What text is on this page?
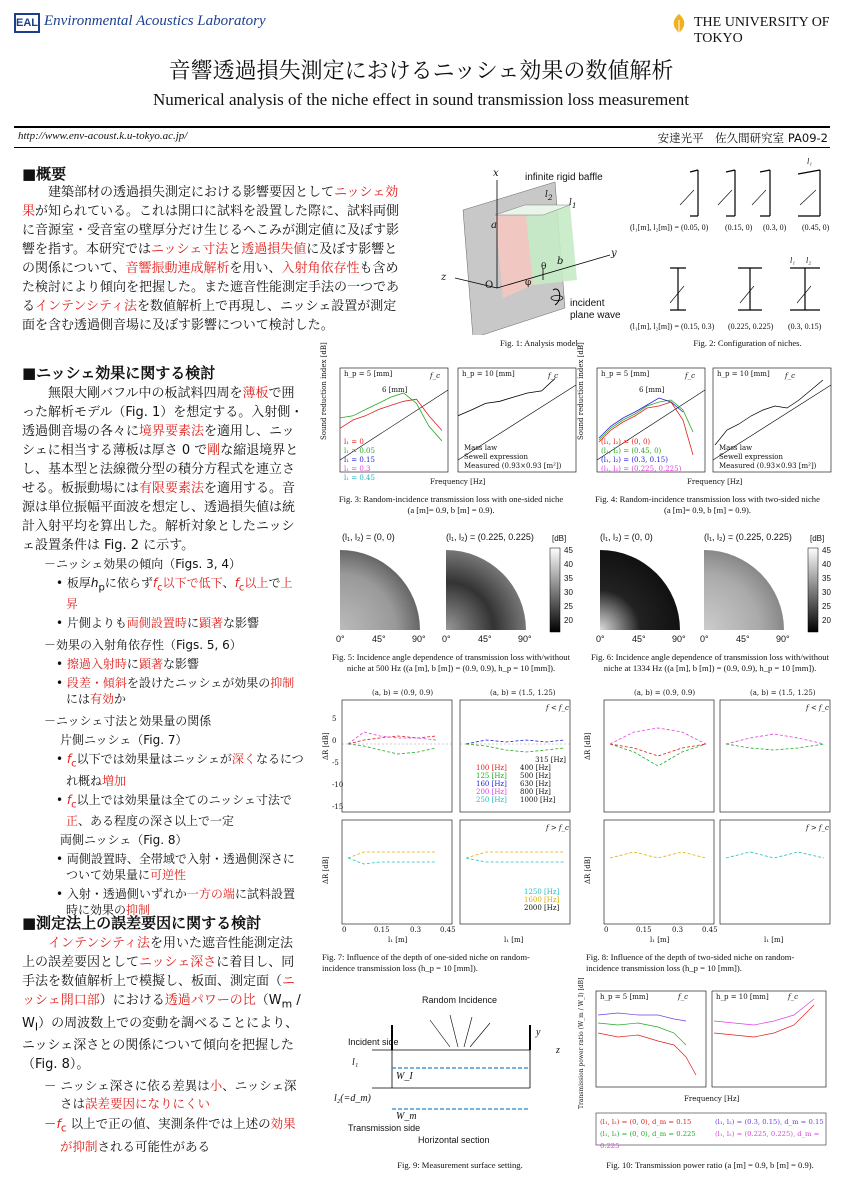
EAL Environmental Acoustics Laboratory	THE UNIVERSITY OF TOKYO
音響透過損失測定におけるニッシェ効果の数値解析
Numerical analysis of the niche effect in sound transmission loss measurement
http://www.env-acoust.k.u-tokyo.ac.jp/	安達光平　佐久間研究室 PA09-2
■概要
建築部材の透過損失測定における影響要因としてニッシェ効果が知られている。これは開口に試料を設置した際に、試料両側に音源室・受音室の壁厚分だけ生じるへこみが測定値に及ぼす影響を指す。本研究ではニッシェ寸法と透過損失値に及ぼす影響との関係について、音響振動連成解析を用い、入射角依存性も含めた検討により傾向を把握した。また遮音性能測定手法の一つであるインテンシティ法を数値解析上で再現し、ニッシェ設置が測定面を含む透過側音場に及ぼす影響について検討した。
x	infinite rigid baffle
$l_2$
$l_1$
a
b
y
z
O
θ
φ
incident
plane wave
Fig. 1: Analysis model.
l₁
(l₁[m], l₂[m]) = (0.05, 0) (0.15, 0) (0.3, 0) (0.45, 0)
l₁ l₂
(l₁[m], l₂[m]) = (0.15, 0.3) (0.225, 0.225) (0.3, 0.15)
Fig. 2: Configuration of niches.
■ニッシェ効果に関する検討
無限大剛バフル中の板試料四周を薄板で囲った解析モデル（Fig. 1）を想定する。入射側・透過側音場の各々に境界要素法を適用し、ニッシェに相当する薄板は厚さ 0 で剛な縮退境界とし、基本型と法線微分型の積分方程式を連立させる。板振動場には有限要素法を適用する。音源は単位振幅平面波を想定し、透過損失値は統計入射平均を算出した。解析対象としたニッシェ設置条件は Fig. 2 に示す。
－ニッシェ効果の傾向（Figs. 3, 4）
• 板厚$h_p$に依らず$f_c$以下で低下、$f_c$以上で上昇
• 片側よりも両側設置時に顕著な影響
－効果の入射角依存性（Figs. 5, 6）
• 擦過入射時に顕著な影響
• 段差・傾斜を設けたニッシェが効果の抑制には有効か
－ニッシェ寸法と効果量の関係
片側ニッシェ（Fig. 7）
• $f_c$以下では効果量はニッシェが深くなるにつれ概ね増加
• $f_c$以上では効果量は全てのニッシェ寸法で正、ある程度の深さ以上で一定
両側ニッシェ（Fig. 8）
• 両側設置時、全帯域で入射・透過側深さについて効果量に可逆性
• 入射・透過側いずれか一方の端に試料設置時に効果の抑制
■測定法上の誤差要因に関する検討
インテンシティ法を用いた遮音性能測定法上の誤差要因としてニッシェ深さに着目し、同手法を数値解析上で模擬し、板面、測定面（ニッシェ開口部）における透過パワーの比$(W_m / W_I)$の周波数上での変動を調べることにより、ニッシェ深さとの関係について傾向を把握した（Fig. 8）。
－ ニッシェ深さに依る差異は小、ニッシェ深さは誤差要因になりにくい
$-f_c$ 以上で正の値、実測条件では上述の効果が抑制される可能性がある
h_p = 5 [mm]	h_p = 10 [mm]
6 [mm]
f_c	f_c
Sound reduction index [dB]
Frequency [Hz]
l₁ = 0
l₁ = 0.05
l₁ = 0.15
l₁ = 0.3
l₁ = 0.45
Mass law
Sewell expression
Measured (0.93×0.93 [m²])
Fig. 3: Random-incidence transmission loss with one-sided niche
(a [m]= 0.9, b [m] = 0.9).
h_p = 5 [mm]	h_p = 10 [mm]
6 [mm]
f_c	f_c
Sound reduction index [dB]
Frequency [Hz]
(l₁, l₂) = (0, 0)
(l₁, l₂) = (0.45, 0)
(l₁, l₂) = (0.3, 0.15)
(l₁, l₂) = (0.225, 0.225)
Mass law
Sewell expression
Measured (0.93×0.93 [m²])
Fig. 4: Random-incidence transmission loss with two-sided niche
(a [m]= 0.9, b [m] = 0.9).
(l₁, l₂) = (0, 0)	(l₁, l₂) = (0.225, 0.225) [dB]
45
40
35
30
25
20
0°	45°	90° 0°	45°	90°
Fig. 5: Incidence angle dependence of transmission loss with/without
niche at 500 Hz ((a [m], b [m]) = (0.9, 0.9), h_p = 10 [mm]).
(l₁, l₂) = (0, 0)	(l₁, l₂) = (0.225, 0.225) [dB]
45
40
35
30
25
20
0°	45°	90° 0°	45°	90°
Fig. 6: Incidence angle dependence of transmission loss with/without
niche at 1334 Hz ((a [m], b [m]) = (0.9, 0.9), h_p = 10 [mm]).
(a, b) = (0.9, 0.9)	(a, b) = (1.5, 1.25)
f < f_c
f > f_c
ΔR [dB]
ΔR [dB]
5
0
-5
-10
-15
0	0.15	0.3	0.45
l₁ [m]	l₁ [m]
315 [Hz]
100 [Hz] 400 [Hz]
125 [Hz] 500 [Hz]
160 [Hz] 630 [Hz]
200 [Hz] 800 [Hz]
250 [Hz] 1000 [Hz]
1250 [Hz]
1600 [Hz]
2000 [Hz]
Fig. 7: Influence of the depth of one-sided niche on random-
incidence transmission loss (h_p = 10 [mm]).
(a, b) = (0.9, 0.9)	(a, b) = (1.5, 1.25)
f < f_c
f > f_c
ΔR [dB]
ΔR [dB]
0	0.15	0.3	0.45
l₁ [m]	l₁ [m]
Fig. 8: Influence of the depth of two-sided niche on random-
incidence transmission loss (h_p = 10 [mm]).
Random Incidence
Incident side
l₁
l₂(=d_m)
W_I
W_m
Transmission side
Horizontal section
y
z
Fig. 9: Measurement surface setting.
h_p = 5 [mm]	h_p = 10 [mm]
f_c	f_c
Transmission power ratio (W_m / W_I) [dB]	Frequency [Hz]
(l₁, l₂) = (0, 0), d_m = 0.15	(l₁, l₂) = (0.3, 0.15), d_m = 0.15
(l₁, l₂) = (0, 0), d_m = 0.225	(l₁, l₂) = (0.225, 0.225), d_m = 0.225
Fig. 10: Transmission power ratio (a [m] = 0.9, b [m] = 0.9).
